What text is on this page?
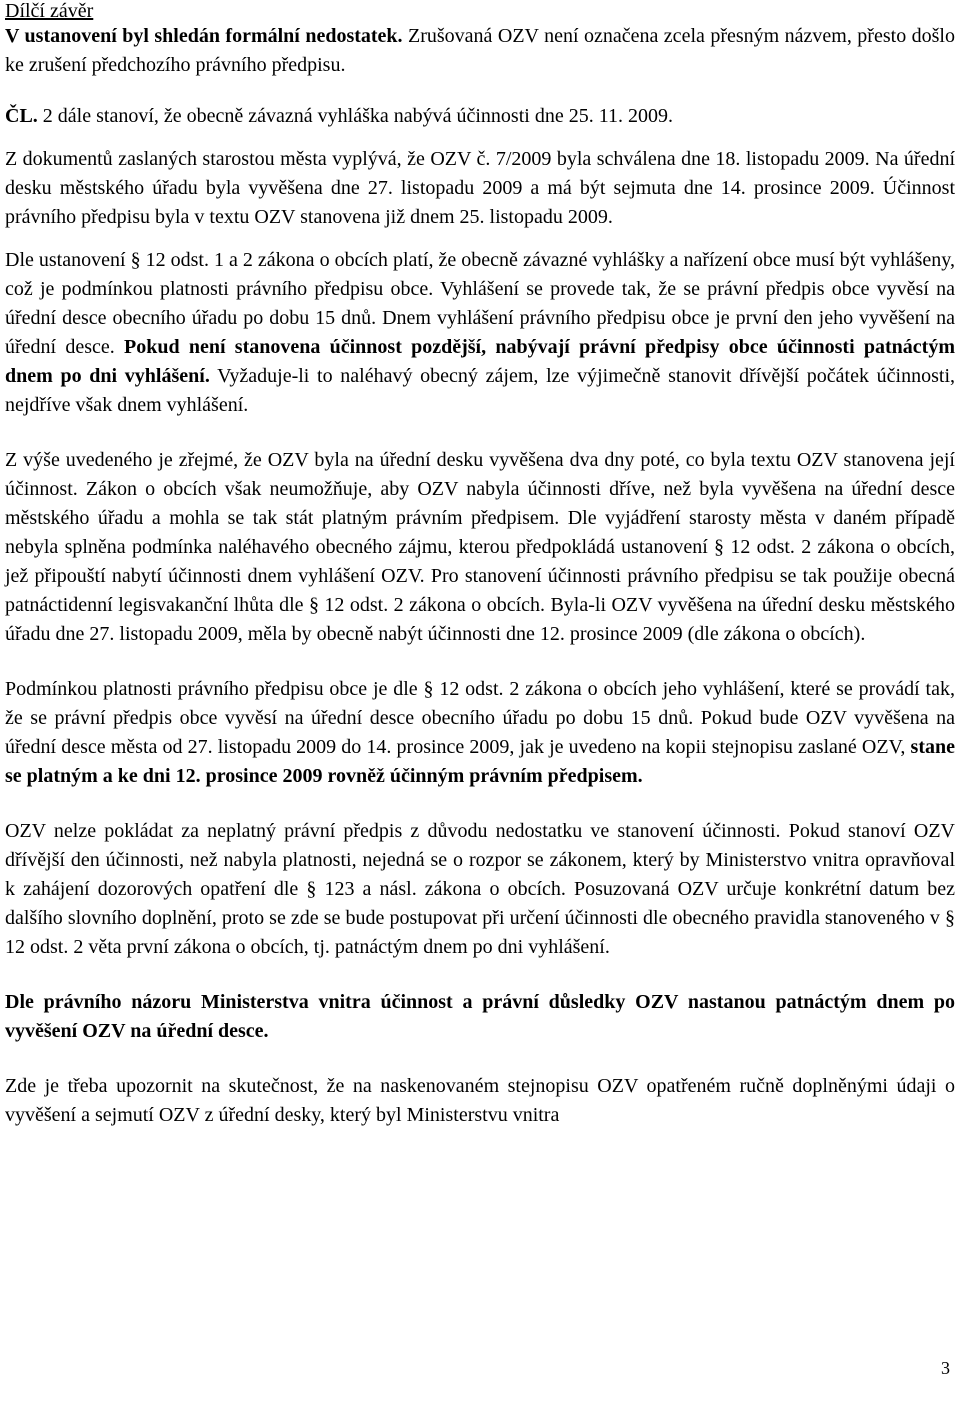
Dílčí závěr

V ustanovení byl shledán formální nedostatek. Zrušovaná OZV není označena zcela přesným názvem, přesto došlo ke zrušení předchozího právního předpisu.

ČL. 2 dále stanoví, že obecně závazná vyhláška nabývá účinnosti dne 25. 11. 2009.

Z dokumentů zaslaných starostou města vyplývá, že OZV č. 7/2009 byla schválena dne 18. listopadu 2009. Na úřední desku městského úřadu byla vyvěšena dne 27. listopadu 2009 a má být sejmuta dne 14. prosince 2009. Účinnost právního předpisu byla v textu OZV stanovena již dnem 25. listopadu 2009.

Dle ustanovení § 12 odst. 1 a 2 zákona o obcích platí, že obecně závazné vyhlášky a nařízení obce musí být vyhlášeny, což je podmínkou platnosti právního předpisu obce. Vyhlášení se provede tak, že se právní předpis obce vyvěsí na úřední desce obecního úřadu po dobu 15 dnů. Dnem vyhlášení právního předpisu obce je první den jeho vyvěšení na úřední desce. Pokud není stanovena účinnost pozdější, nabývají právní předpisy obce účinnosti patnáctým dnem po dni vyhlášení. Vyžaduje-li to naléhavý obecný zájem, lze výjimečně stanovit dřívější počátek účinnosti, nejdříve však dnem vyhlášení.

Z výše uvedeného je zřejmé, že OZV byla na úřední desku vyvěšena dva dny poté, co byla textu OZV stanovena její účinnost. Zákon o obcích však neumožňuje, aby OZV nabyla účinnosti dříve, než byla vyvěšena na úřední desce městského úřadu a mohla se tak stát platným právním předpisem. Dle vyjádření starosty města v daném případě nebyla splněna podmínka naléhavého obecného zájmu, kterou předpokládá ustanovení § 12 odst. 2 zákona o obcích, jež připouští nabytí účinnosti dnem vyhlášení OZV. Pro stanovení účinnosti právního předpisu se tak použije obecná patnáctidenní legisvakanční lhůta dle § 12 odst. 2 zákona o obcích. Byla-li OZV vyvěšena na úřední desku městského úřadu dne 27. listopadu 2009, měla by obecně nabýt účinnosti dne 12. prosince 2009 (dle zákona o obcích).

Podmínkou platnosti právního předpisu obce je dle § 12 odst. 2 zákona o obcích jeho vyhlášení, které se provádí tak, že se právní předpis obce vyvěsí na úřední desce obecního úřadu po dobu 15 dnů. Pokud bude OZV vyvěšena na úřední desce města od 27. listopadu 2009 do 14. prosince 2009, jak je uvedeno na kopii stejnopisu zaslané OZV, stane se platným a ke dni 12. prosince 2009 rovněž účinným právním předpisem.

OZV nelze pokládat za neplatný právní předpis z důvodu nedostatku ve stanovení účinnosti. Pokud stanoví OZV dřívější den účinnosti, než nabyla platnosti, nejedná se o rozpor se zákonem, který by Ministerstvo vnitra opravňoval k zahájení dozorových opatření dle § 123 a násl. zákona o obcích. Posuzovaná OZV určuje konkrétní datum bez dalšího slovního doplnění, proto se zde se bude postupovat při určení účinnosti dle obecného pravidla stanoveného v § 12 odst. 2 věta první zákona o obcích, tj. patnáctým dnem po dni vyhlášení.

Dle právního názoru Ministerstva vnitra účinnost a právní důsledky OZV nastanou patnáctým dnem po vyvěšení OZV na úřední desce.

Zde je třeba upozornit na skutečnost, že na naskenovaném stejnopisu OZV opatřeném ručně doplněnými údaji o vyvěšení a sejmutí OZV z úřední desky, který byl Ministerstvu vnitra

3
